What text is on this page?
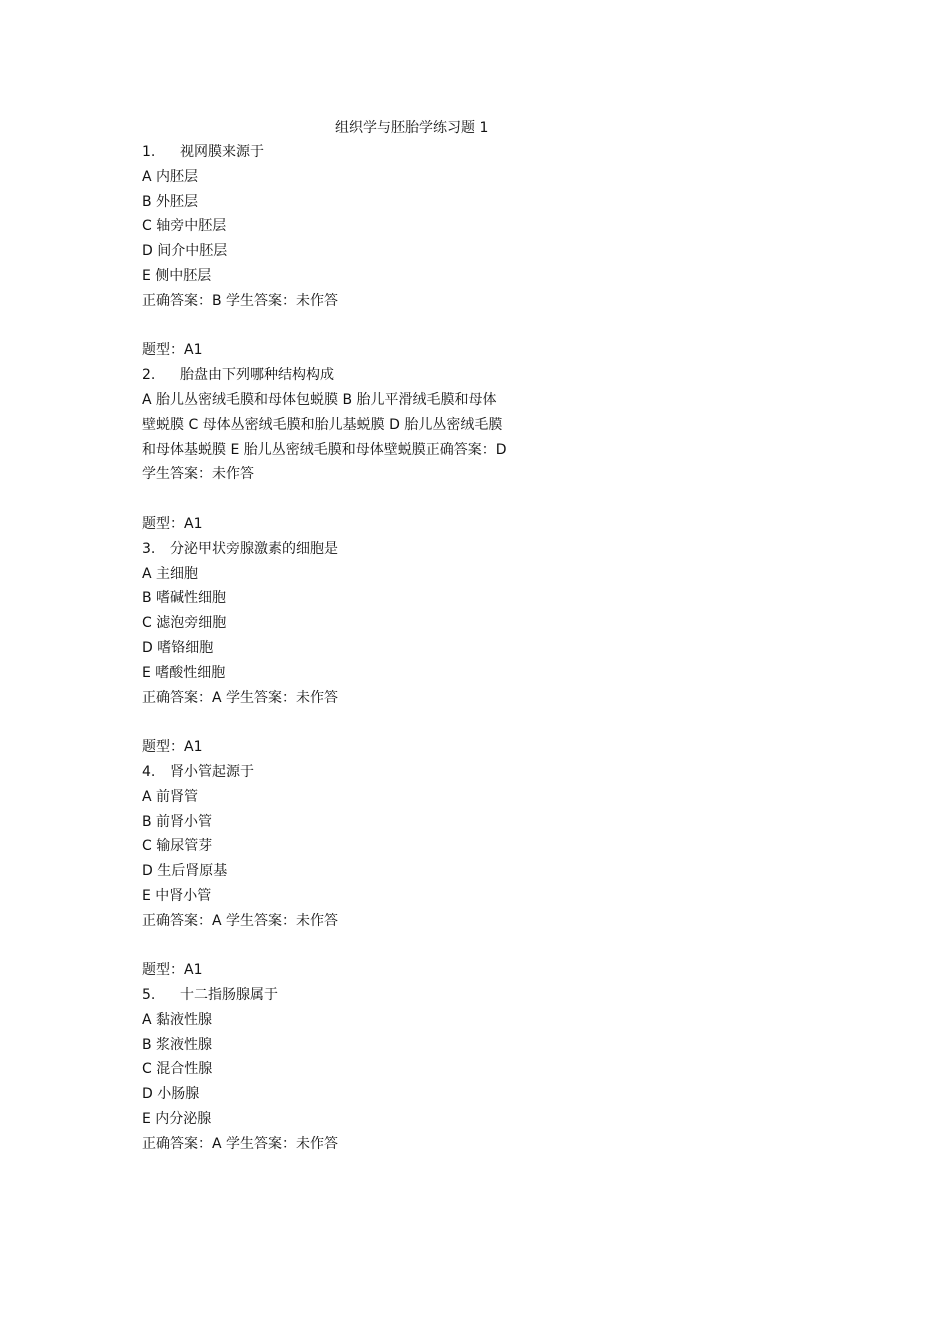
组织学与胚胎学练习题 1
1. 视网膜来源于
A 内胚层
B 外胚层
C 轴旁中胚层
D 间介中胚层
E 侧中胚层
正确答案：B 学生答案：未作答
题型：A1
2. 胎盘由下列哪种结构构成
A 胎儿丛密绒毛膜和母体包蜕膜 B 胎儿平滑绒毛膜和母体壁蜕膜 C 母体丛密绒毛膜和胎儿基蜕膜 D 胎儿丛密绒毛膜和母体基蜕膜 E 胎儿丛密绒毛膜和母体壁蜕膜正确答案：D 学生答案：未作答
题型：A1
3. 分泌甲状旁腺激素的细胞是
A 主细胞
B 嗜碱性细胞
C 滤泡旁细胞
D 嗜铬细胞
E 嗜酸性细胞
正确答案：A 学生答案：未作答
题型：A1
4. 肾小管起源于
A 前肾管
B 前肾小管
C 输尿管芽
D 生后肾原基
E 中肾小管
正确答案：A 学生答案：未作答
题型：A1
5. 十二指肠腺属于
A 黏液性腺
B 浆液性腺
C 混合性腺
D 小肠腺
E 内分泌腺
正确答案：A 学生答案：未作答
